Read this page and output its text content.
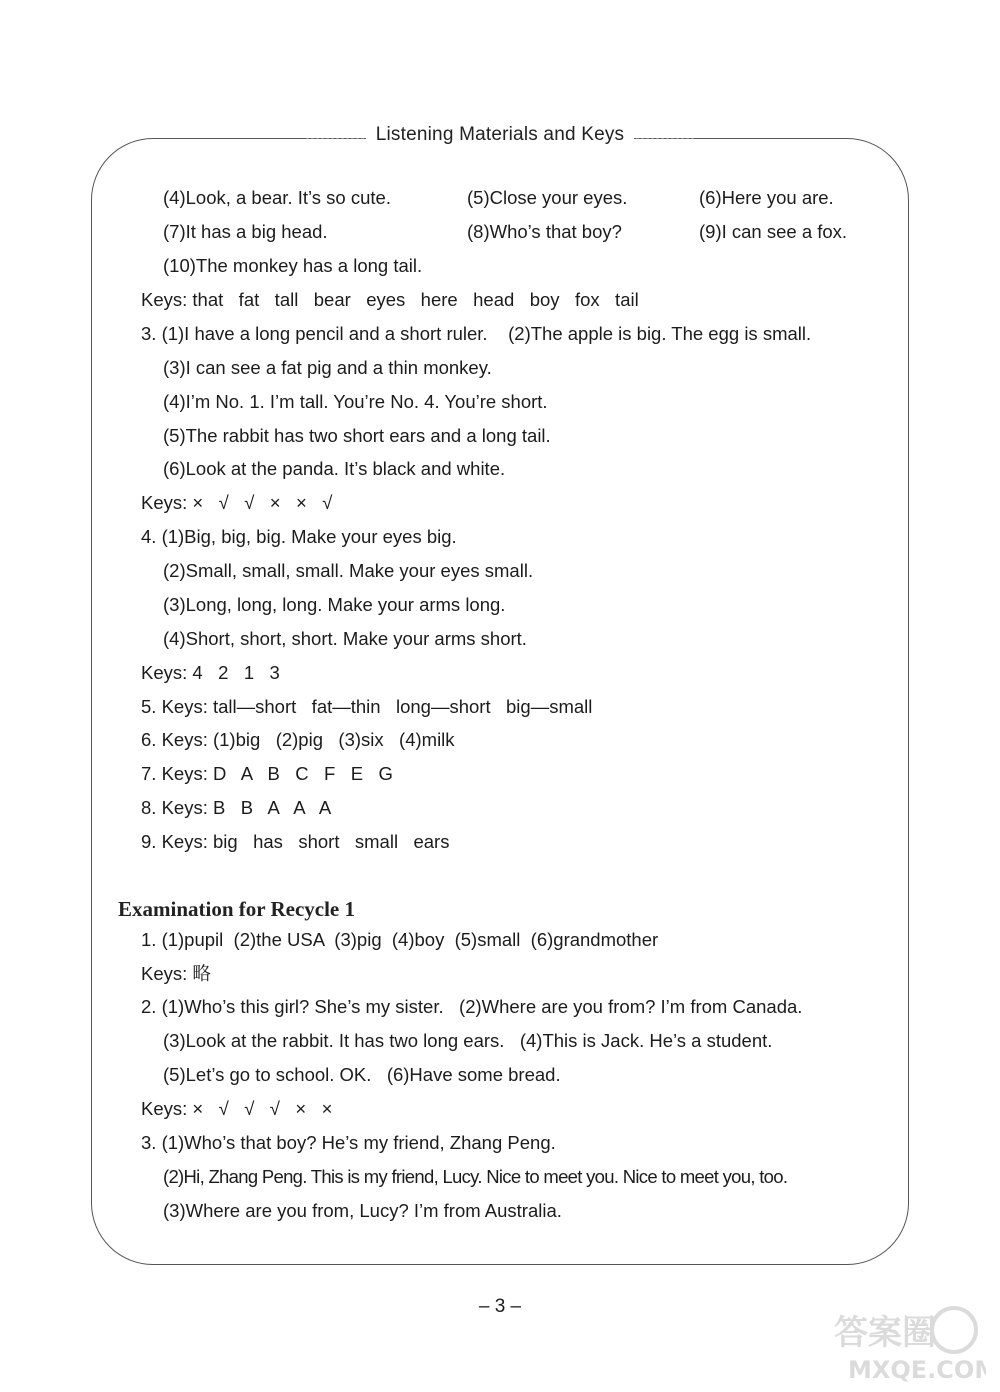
Listening Materials and Keys
(4)Look, a bear. It’s so cute.	(5)Close your eyes.	(6)Here you are.
(7)It has a big head.	(8)Who’s that boy?	(9)I can see a fox.
(10)The monkey has a long tail.
Keys: that   fat   tall   bear   eyes   here   head   boy   fox   tail
3. (1)I have a long pencil and a short ruler.    (2)The apple is big. The egg is small.
(3)I can see a fat pig and a thin monkey.
(4)I’m No. 1. I’m tall. You’re No. 4. You’re short.
(5)The rabbit has two short ears and a long tail.
(6)Look at the panda. It’s black and white.
Keys: ×   √   √   ×   ×   √
4. (1)Big, big, big. Make your eyes big.
(2)Small, small, small. Make your eyes small.
(3)Long, long, long. Make your arms long.
(4)Short, short, short. Make your arms short.
Keys: 4   2   1   3
5. Keys: tall—short   fat—thin   long—short   big—small
6. Keys: (1)big   (2)pig   (3)six   (4)milk
7. Keys: D   A   B   C   F   E   G
8. Keys: B   B   A   A   A
9. Keys: big   has   short   small   ears
Examination for Recycle 1
1. (1)pupil  (2)the USA  (3)pig  (4)boy  (5)small  (6)grandmother
Keys: 略
2. (1)Who’s this girl? She’s my sister.   (2)Where are you from? I’m from Canada.
(3)Look at the rabbit. It has two long ears.   (4)This is Jack. He’s a student.
(5)Let’s go to school. OK.   (6)Have some bread.
Keys: ×   √   √   √   ×   ×
3. (1)Who’s that boy? He’s my friend, Zhang Peng.
(2)Hi, Zhang Peng. This is my friend, Lucy. Nice to meet you. Nice to meet you, too.
(3)Where are you from, Lucy? I’m from Australia.
– 3 –
答案圈
MXQE.COM
